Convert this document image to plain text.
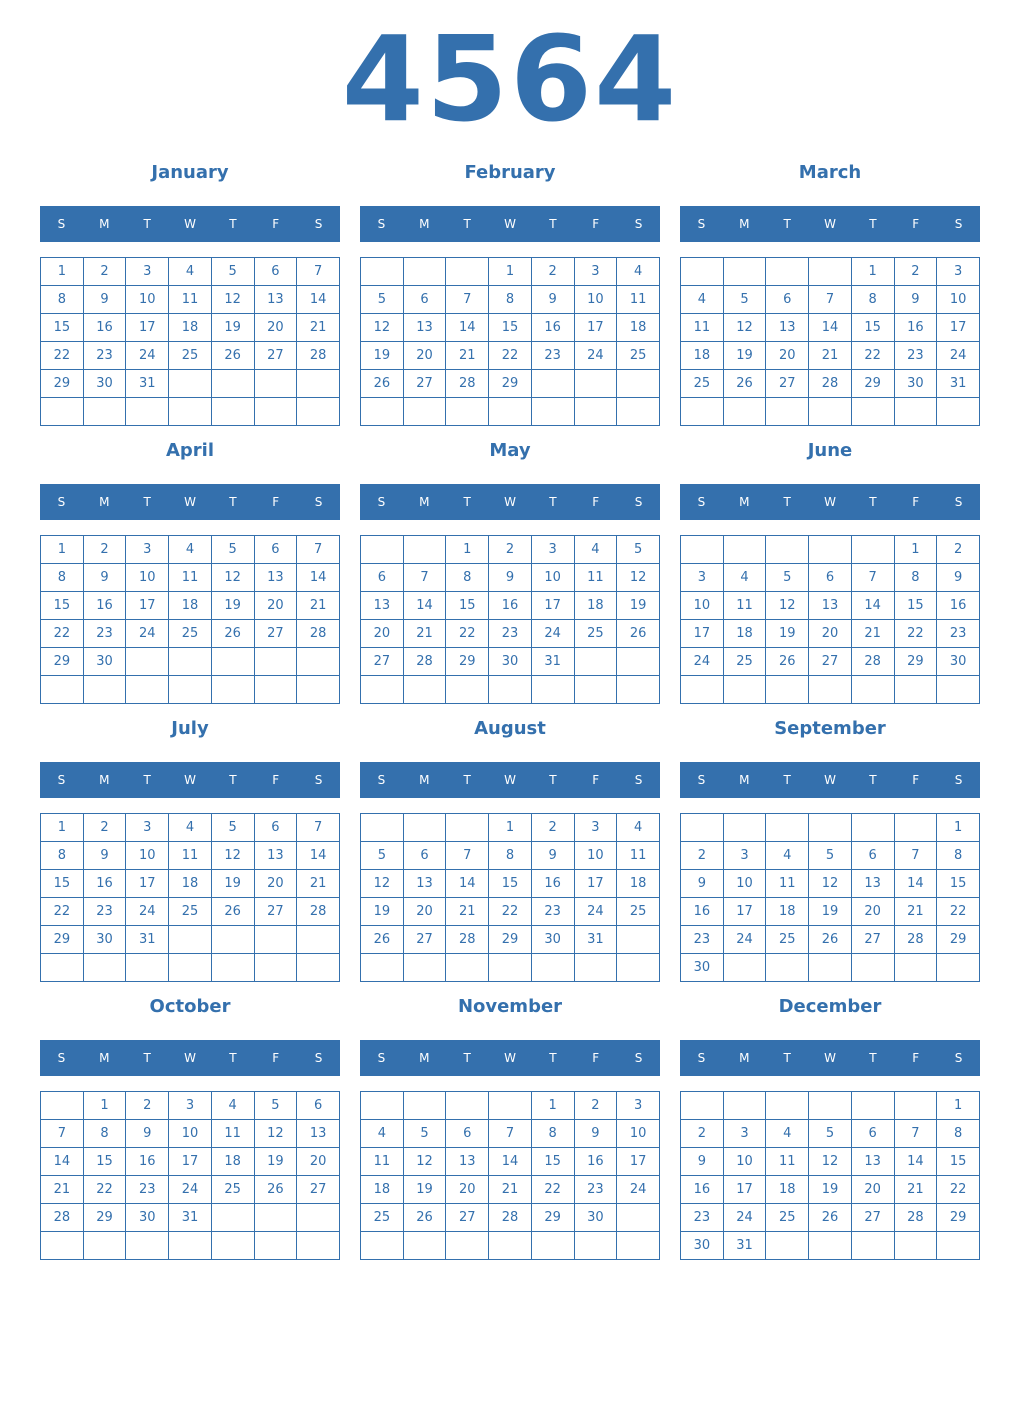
4564
January
S	M	T	W	T	F	S
1	2	3	4	5	6	7
8	9	10	11	12	13	14
15	16	17	18	19	20	21
22	23	24	25	26	27	28
29	30	31				

February
S	M	T	W	T	F	S
			1	2	3	4
5	6	7	8	9	10	11
12	13	14	15	16	17	18
19	20	21	22	23	24	25
26	27	28	29			

March
S	M	T	W	T	F	S
				1	2	3
4	5	6	7	8	9	10
11	12	13	14	15	16	17
18	19	20	21	22	23	24
25	26	27	28	29	30	31

April
S	M	T	W	T	F	S
1	2	3	4	5	6	7
8	9	10	11	12	13	14
15	16	17	18	19	20	21
22	23	24	25	26	27	28
29	30					

May
S	M	T	W	T	F	S
		1	2	3	4	5
6	7	8	9	10	11	12
13	14	15	16	17	18	19
20	21	22	23	24	25	26
27	28	29	30	31		

June
S	M	T	W	T	F	S
					1	2
3	4	5	6	7	8	9
10	11	12	13	14	15	16
17	18	19	20	21	22	23
24	25	26	27	28	29	30

July
S	M	T	W	T	F	S
1	2	3	4	5	6	7
8	9	10	11	12	13	14
15	16	17	18	19	20	21
22	23	24	25	26	27	28
29	30	31				

August
S	M	T	W	T	F	S
			1	2	3	4
5	6	7	8	9	10	11
12	13	14	15	16	17	18
19	20	21	22	23	24	25
26	27	28	29	30	31	

September
S	M	T	W	T	F	S
						1
2	3	4	5	6	7	8
9	10	11	12	13	14	15
16	17	18	19	20	21	22
23	24	25	26	27	28	29
30						
October
S	M	T	W	T	F	S
	1	2	3	4	5	6
7	8	9	10	11	12	13
14	15	16	17	18	19	20
21	22	23	24	25	26	27
28	29	30	31			

November
S	M	T	W	T	F	S
				1	2	3
4	5	6	7	8	9	10
11	12	13	14	15	16	17
18	19	20	21	22	23	24
25	26	27	28	29	30	

December
S	M	T	W	T	F	S
						1
2	3	4	5	6	7	8
9	10	11	12	13	14	15
16	17	18	19	20	21	22
23	24	25	26	27	28	29
30	31					
